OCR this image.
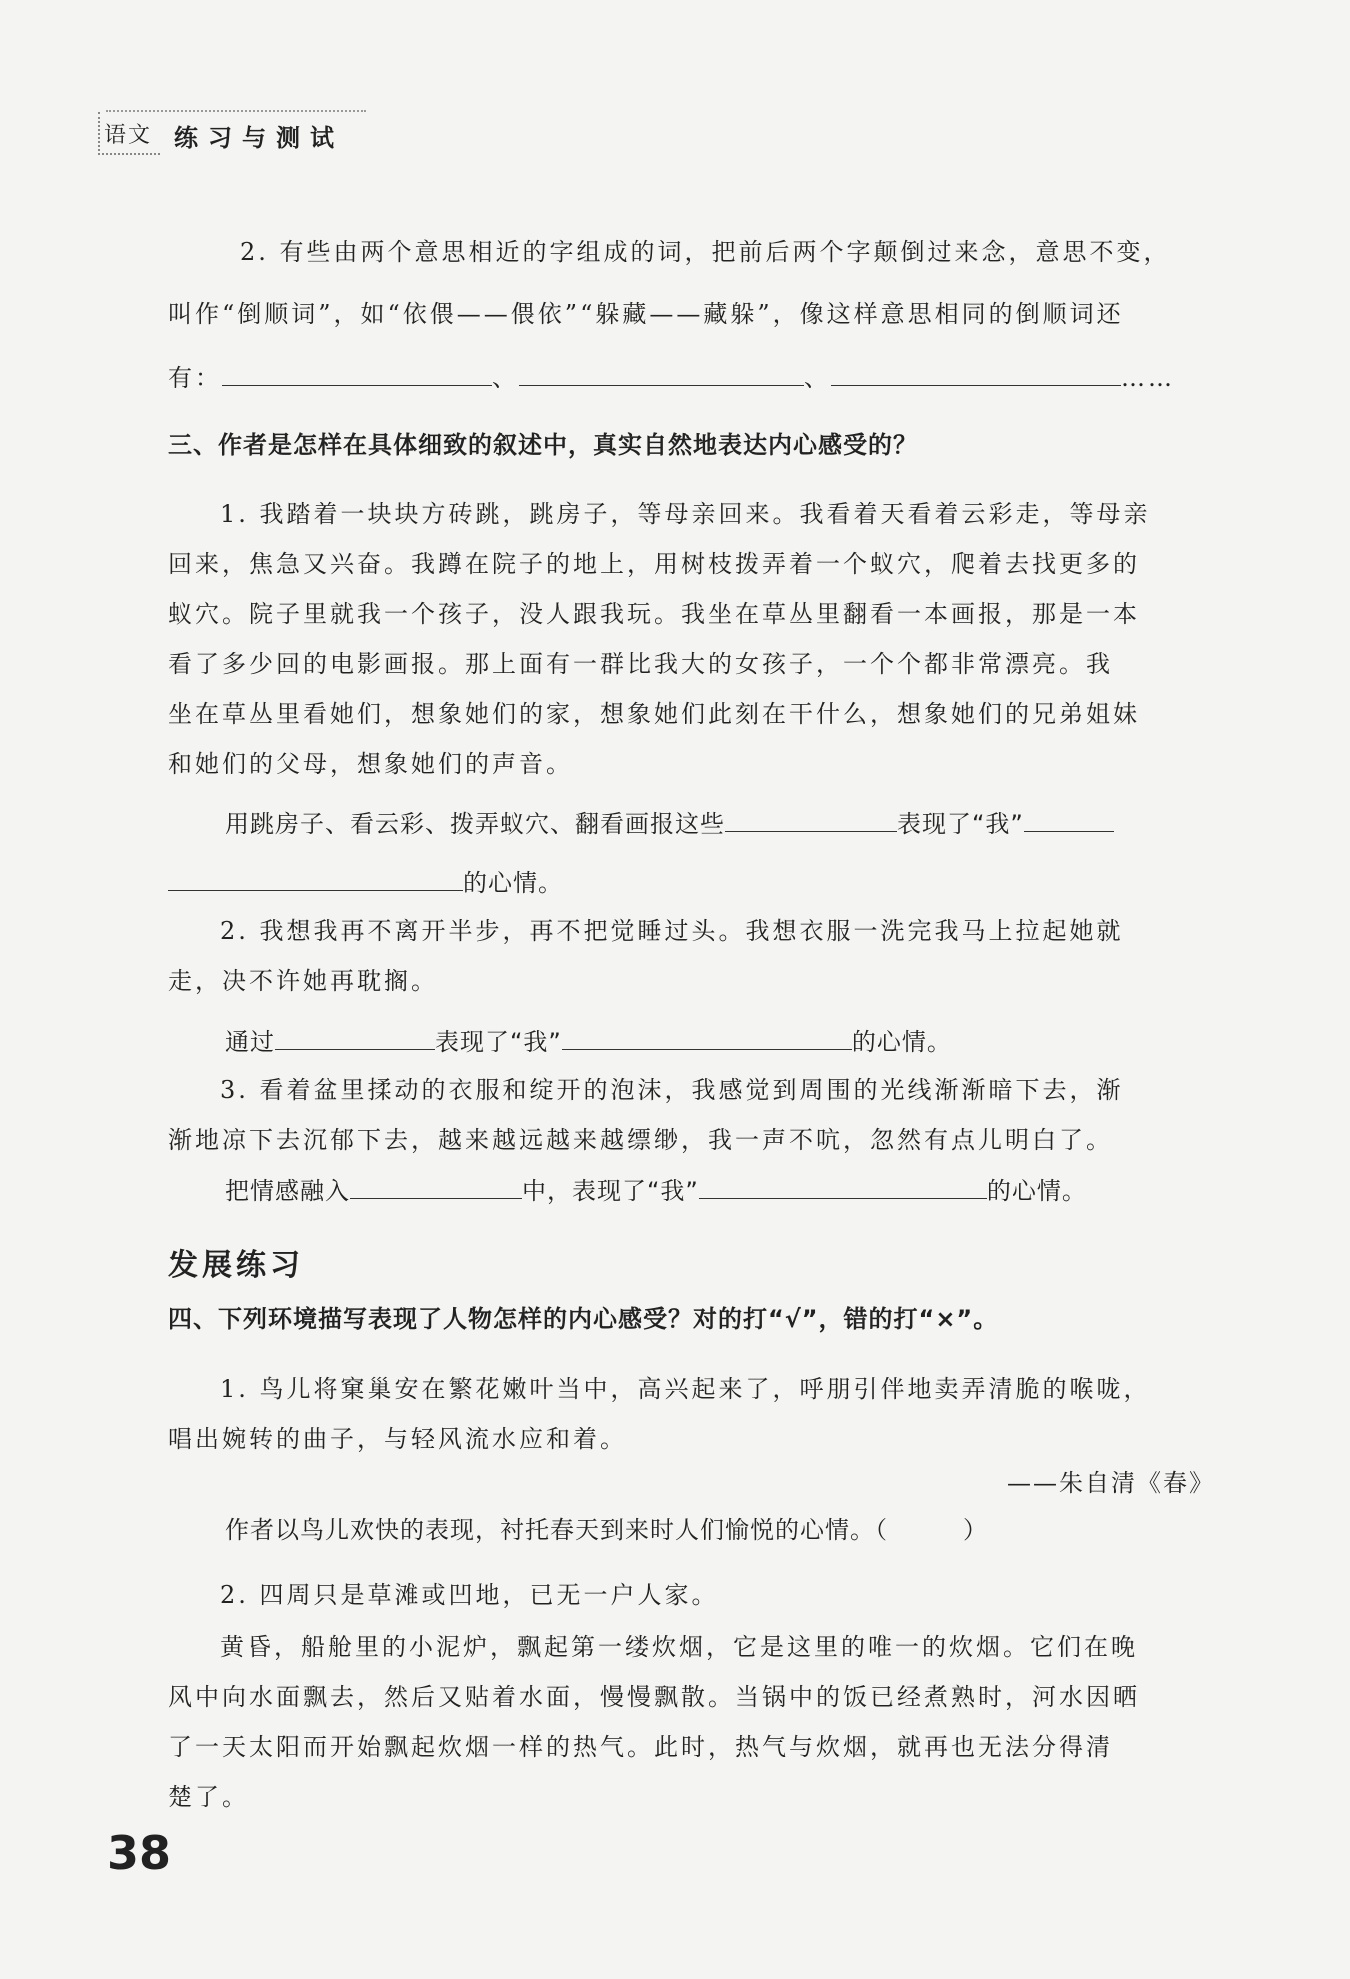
语文 练习与测试
2. 有些由两个意思相近的字组成的词，把前后两个字颠倒过来念，意思不变，
叫作“倒顺词”，如“依偎——偎依”“躲藏——藏躲”，像这样意思相同的倒顺词还
有：	、	、	……
三、作者是怎样在具体细致的叙述中，真实自然地表达内心感受的？
1. 我踏着一块块方砖跳，跳房子，等母亲回来。我看着天看着云彩走，等母亲
回来，焦急又兴奋。我蹲在院子的地上，用树枝拨弄着一个蚁穴，爬着去找更多的
蚁穴。院子里就我一个孩子，没人跟我玩。我坐在草丛里翻看一本画报，那是一本
看了多少回的电影画报。那上面有一群比我大的女孩子，一个个都非常漂亮。我
坐在草丛里看她们，想象她们的家，想象她们此刻在干什么，想象她们的兄弟姐妹
和她们的父母，想象她们的声音。
用跳房子、看云彩、拨弄蚁穴、翻看画报这些	表现了“我”
的心情。
2. 我想我再不离开半步，再不把觉睡过头。我想衣服一洗完我马上拉起她就
走，决不许她再耽搁。
通过	表现了“我”	的心情。
3. 看着盆里揉动的衣服和绽开的泡沫，我感觉到周围的光线渐渐暗下去，渐
渐地凉下去沉郁下去，越来越远越来越缥缈，我一声不吭，忽然有点儿明白了。
把情感融入	中，表现了“我”	的心情。
发展练习
四、下列环境描写表现了人物怎样的内心感受？对的打“√”，错的打“×”。
1. 鸟儿将窠巢安在繁花嫩叶当中，高兴起来了，呼朋引伴地卖弄清脆的喉咙，
唱出婉转的曲子，与轻风流水应和着。
——朱自清《春》
作者以鸟儿欢快的表现，衬托春天到来时人们愉悦的心情。（　　　）
2. 四周只是草滩或凹地，已无一户人家。
黄昏，船舱里的小泥炉，飘起第一缕炊烟，它是这里的唯一的炊烟。它们在晚
风中向水面飘去，然后又贴着水面，慢慢飘散。当锅中的饭已经煮熟时，河水因晒
了一天太阳而开始飘起炊烟一样的热气。此时，热气与炊烟，就再也无法分得清
楚了。
38
